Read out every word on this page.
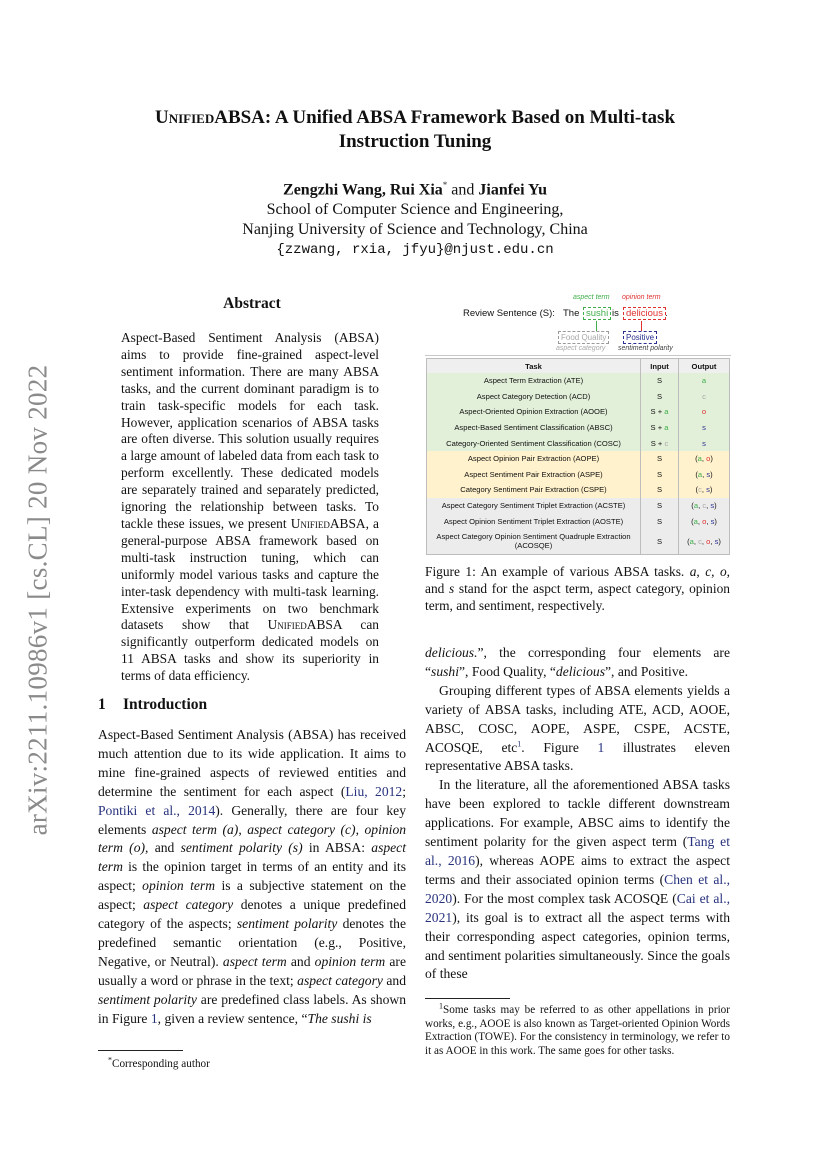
arXiv:2211.10986v1 [cs.CL] 20 Nov 2022
UnifiedABSA: A Unified ABSA Framework Based on Multi-task
Instruction Tuning
Zengzhi Wang, Rui Xia* and Jianfei Yu
School of Computer Science and Engineering,
Nanjing University of Science and Technology, China
{zzwang, rxia, jfyu}@njust.edu.cn
Abstract
Aspect-Based Sentiment Analysis (ABSA) aims to provide fine-grained aspect-level sentiment information. There are many ABSA tasks, and the current dominant paradigm is to train task-specific models for each task. However, application scenarios of ABSA tasks are often diverse. This solution usually requires a large amount of labeled data from each task to perform excellently. These dedicated models are separately trained and separately predicted, ignoring the relationship between tasks. To tackle these issues, we present UnifiedABSA, a general-purpose ABSA framework based on multi-task instruction tuning, which can uniformly model various tasks and capture the inter-task dependency with multi-task learning. Extensive experiments on two benchmark datasets show that UnifiedABSA can significantly outperform dedicated models on 11 ABSA tasks and show its superiority in terms of data efficiency.
1 Introduction

Aspect-Based Sentiment Analysis (ABSA) has received much attention due to its wide application. It aims to mine fine-grained aspects of reviewed entities and determine the sentiment for each aspect (Liu, 2012; Pontiki et al., 2014). Generally, there are four key elements aspect term (a), aspect category (c), opinion term (o), and sentiment polarity (s) in ABSA: aspect term is the opinion target in terms of an entity and its aspect; opinion term is a subjective statement on the aspect; aspect category denotes a unique predefined category of the aspects; sentiment polarity denotes the predefined semantic orientation (e.g., Positive, Negative, or Neutral). aspect term and opinion term are usually a word or phrase in the text; aspect category and sentiment polarity are predefined class labels. As shown in Figure 1, given a review sentence, “The sushi is

*Corresponding author
aspect term opinion term
Review Sentence (S): The sushi is delicious .
Food Quality	Positive
aspect category sentiment polarity
Task	Input	Output
Aspect Term Extraction (ATE)	S	a
Aspect Category Detection (ACD)	S	c
Aspect-Oriented Opinion Extraction (AOOE)	S + a	o
Aspect-Based Sentiment Classification (ABSC)	S + a	s
Category-Oriented Sentiment Classification (COSC)	S + c	s
Aspect Opinion Pair Extraction (AOPE)	S	(a, o)
Aspect Sentiment Pair Extraction (ASPE)	S	(a, s)
Category Sentiment Pair Extraction (CSPE)	S	(c, s)
Aspect Category Sentiment Triplet Extraction (ACSTE)	S	(a, c, s)
Aspect Opinion Sentiment Triplet Extraction (AOSTE)	S	(a, o, s)
Aspect Category Opinion Sentiment Quadruple Extraction (ACOSQE)	S	(a, c, o, s)
Figure 1: An example of various ABSA tasks. a, c, o, and s stand for the aspct term, aspect category, opinion term, and sentiment, respectively.

delicious.”, the corresponding four elements are “sushi”, Food Quality, “delicious”, and Positive.

Grouping different types of ABSA elements yields a variety of ABSA tasks, including ATE, ACD, AOOE, ABSC, COSC, AOPE, ASPE, CSPE, ACSTE, ACOSQE, etc$^1$. Figure 1 illustrates eleven representative ABSA tasks.

In the literature, all the aforementioned ABSA tasks have been explored to tackle different downstream applications. For example, ABSC aims to identify the sentiment polarity for the given aspect term (Tang et al., 2016), whereas AOPE aims to extract the aspect terms and their associated opinion terms (Chen et al., 2020). For the most complex task ACOSQE (Cai et al., 2021), its goal is to extract all the aspect terms with their corresponding aspect categories, opinion terms, and sentiment polarities simultaneously. Since the goals of these

$^1$Some tasks may be referred to as other appellations in prior works, e.g., AOOE is also known as Target-oriented Opinion Words Extraction (TOWE). For the consistency in terminology, we refer to it as AOOE in this work. The same goes for other tasks.
